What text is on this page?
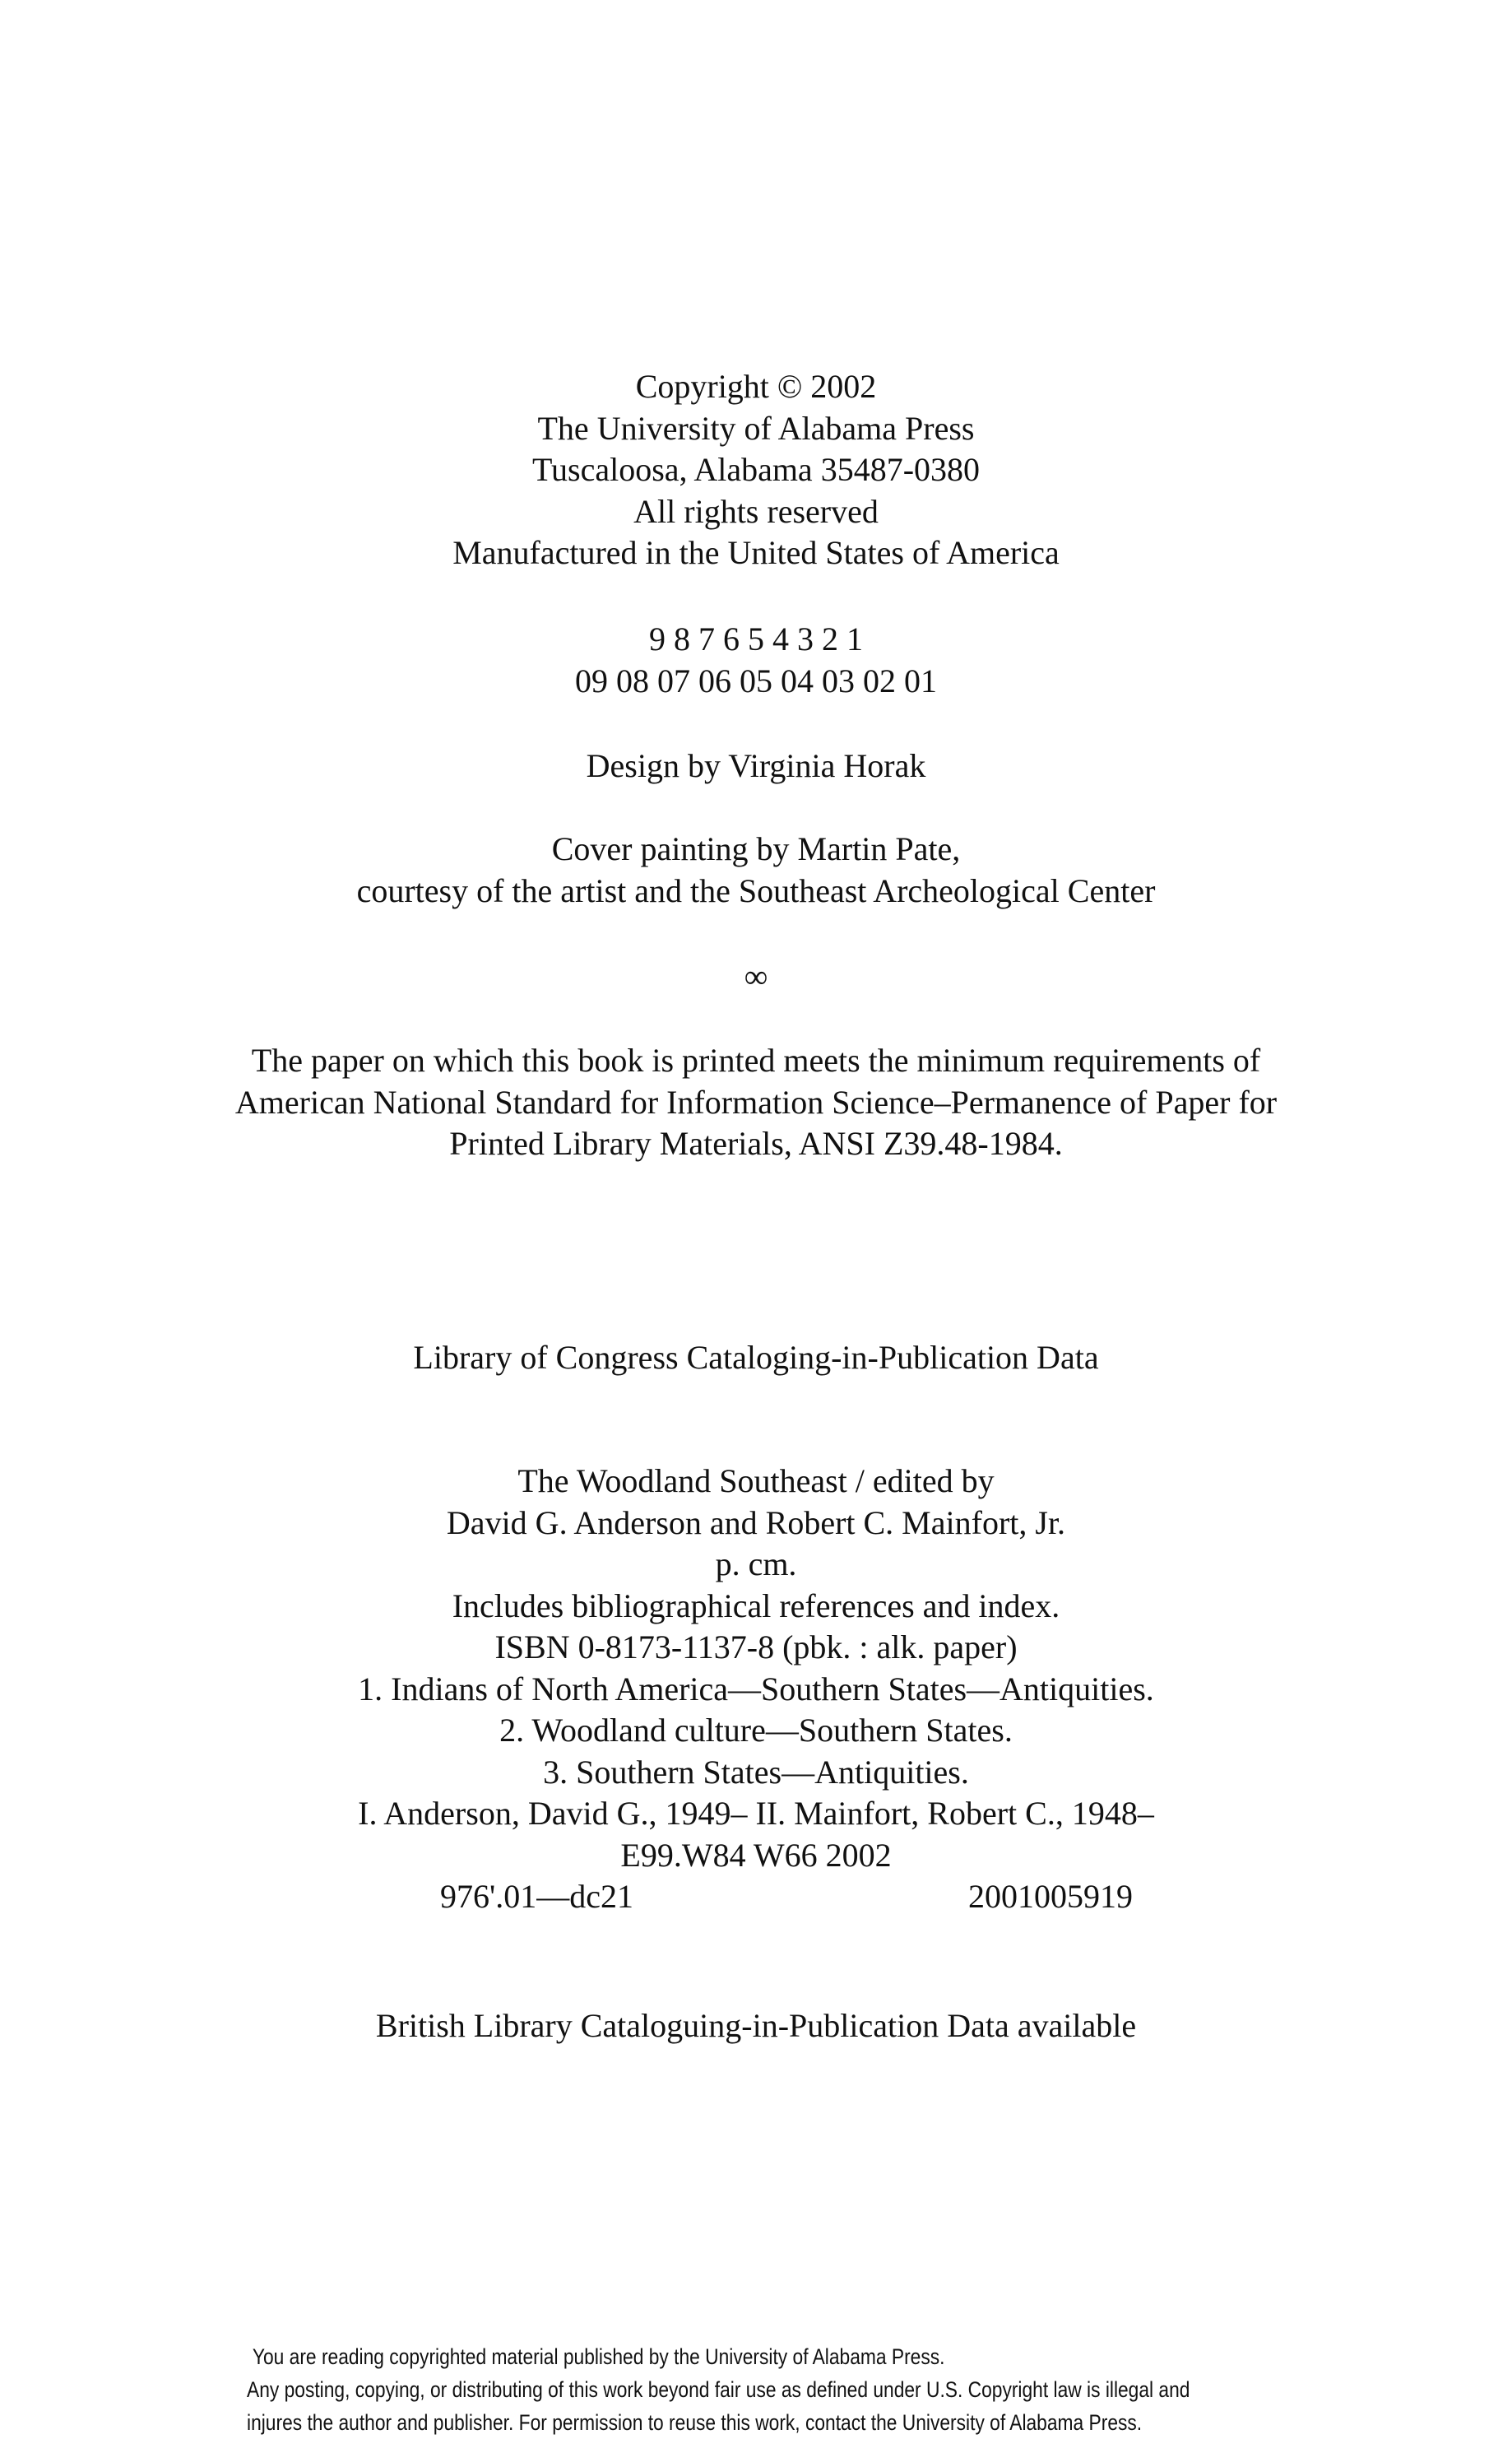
Copyright © 2002
The University of Alabama Press
Tuscaloosa, Alabama 35487-0380
All rights reserved
Manufactured in the United States of America
9 8 7 6 5 4 3 2 1
09 08 07 06 05 04 03 02 01
Design by Virginia Horak
Cover painting by Martin Pate,
courtesy of the artist and the Southeast Archeological Center
∞
The paper on which this book is printed meets the minimum requirements of
American National Standard for Information Science–Permanence of Paper for
Printed Library Materials, ANSI Z39.48-1984.
Library of Congress Cataloging-in-Publication Data
The Woodland Southeast / edited by
David G. Anderson and Robert C. Mainfort, Jr.
p. cm.
Includes bibliographical references and index.
ISBN 0-8173-1137-8 (pbk. : alk. paper)
1. Indians of North America—Southern States—Antiquities.
2. Woodland culture—Southern States.
3. Southern States—Antiquities.
I. Anderson, David G., 1949– II. Mainfort, Robert C., 1948–
E99.W84 W66 2002
976'.01—dc21	2001005919
British Library Cataloguing-in-Publication Data available
You are reading copyrighted material published by the University of Alabama Press.
Any posting, copying, or distributing of this work beyond fair use as defined under U.S. Copyright law is illegal and
injures the author and publisher. For permission to reuse this work, contact the University of Alabama Press.
